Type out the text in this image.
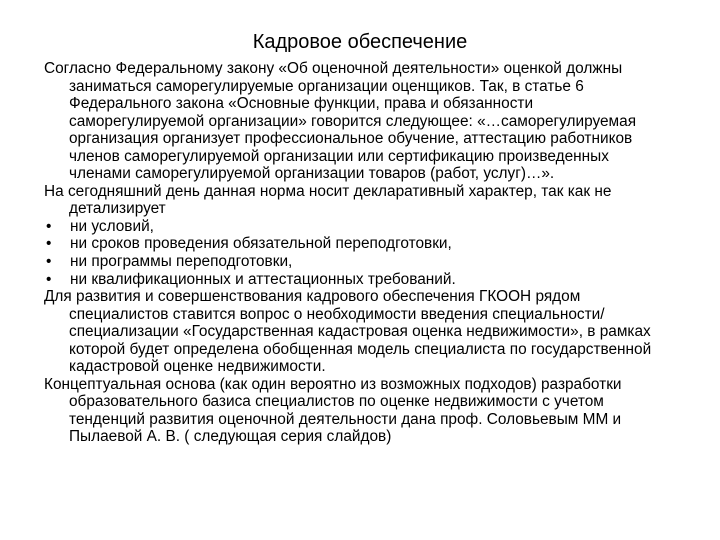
Кадровое обеспечение

Согласно Федеральному закону «Об оценочной деятельности» оценкой должны заниматься саморегулируемые организации оценщиков. Так, в статье 6 Федерального закона «Основные функции, права и обязанности саморегулируемой организации» говорится следующее: «…саморегулируемая организация организует профессиональное обучение, аттестацию работников членов саморегулируемой организации или сертификацию произведенных членами саморегулируемой организации товаров (работ, услуг)…».

На сегодняшний день данная норма носит декларативный характер, так как не детализирует

• ни условий,
• ни сроков проведения обязательной переподготовки,
• ни программы переподготовки,
• ни квалификационных и аттестационных требований.

Для развития и совершенствования кадрового обеспечения ГКООН рядом специалистов ставится вопрос о необходимости введения специальности/специализации «Государственная кадастровая оценка недвижимости», в рамках которой будет определена обобщенная модель специалиста по государственной кадастровой оценке недвижимости.

Концептуальная основа (как один вероятно из возможных подходов) разработки образовательного базиса специалистов по оценке недвижимости с учетом тенденций развития оценочной деятельности дана проф. Соловьевым ММ и Пылаевой А. В. ( следующая серия слайдов)
